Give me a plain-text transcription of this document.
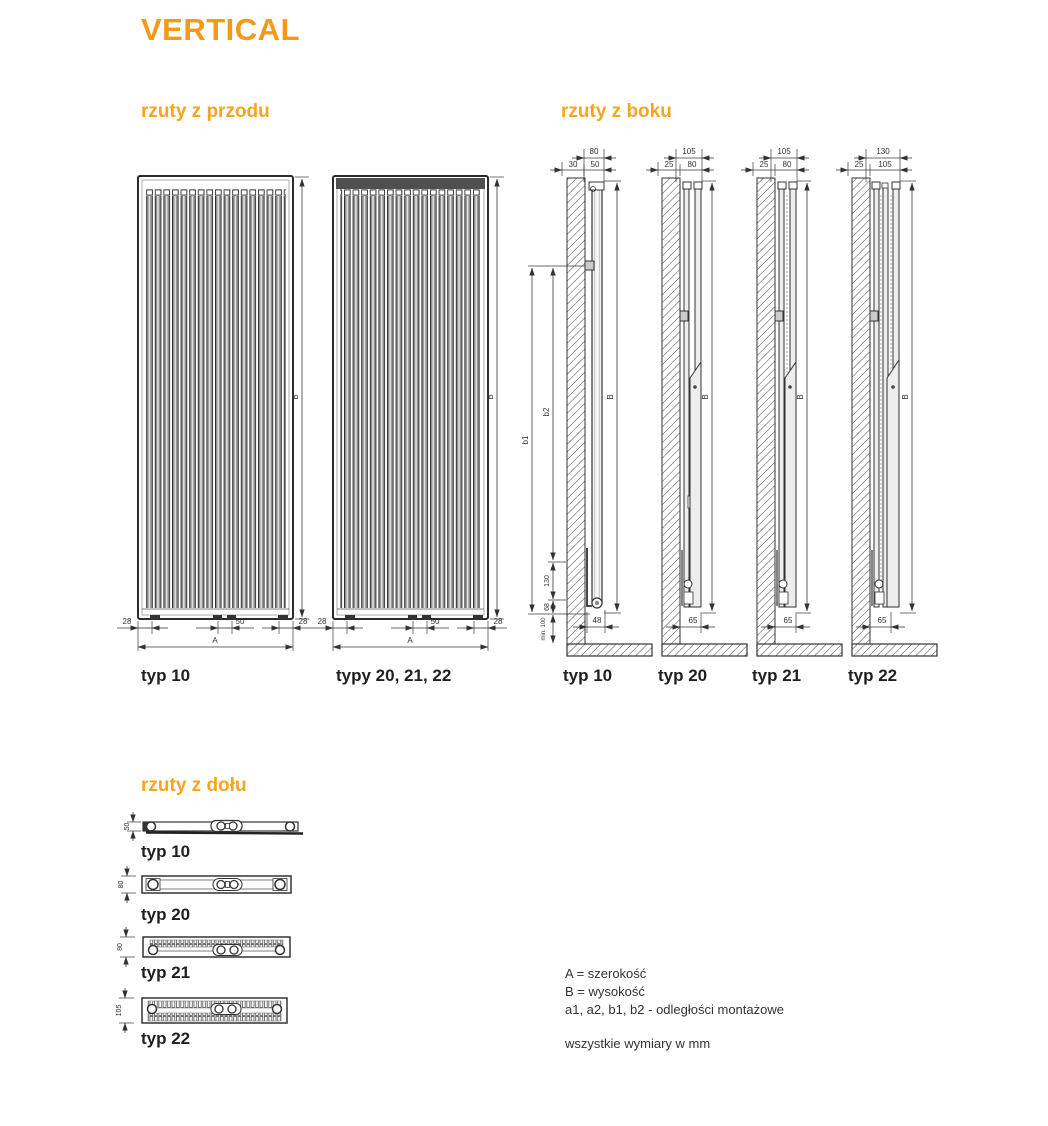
B
28	50	28
A
B
28	50	28
A
80
30 50
B
b1
b2
130
68
min. 100	48
105
25 80
B
65
105
25 80
B
65
130
25 105
B
65
50
80
80
105
VERTICAL
rzuty z przodu	rzuty z boku
rzuty z dołu
typ 10	typy 20, 21, 22	typ 10	typ 20	typ 21	typ 22
typ 10
typ 20
typ 21
typ 22
A = szerokość
B = wysokość
a1, a2, b1, b2 - odległości montażowe
wszystkie wymiary w mm
